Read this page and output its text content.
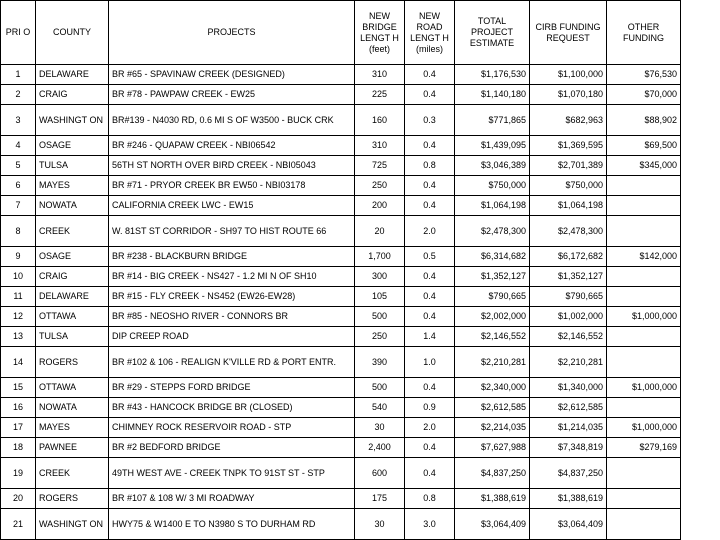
PRI O	COUNTY	PROJECTS	NEW BRIDGE LENGT H (feet)	NEW ROAD LENGT H (miles)	TOTAL PROJECT ESTIMATE	CIRB FUNDING REQUEST	OTHER FUNDING
1	DELAWARE	BR #65 - SPAVINAW CREEK (DESIGNED)	310	0.4	$1,176,530	$1,100,000	$76,530
2	CRAIG	BR #78 - PAWPAW CREEK - EW25	225	0.4	$1,140,180	$1,070,180	$70,000
3	WASHINGT ON	BR#139 - N4030 RD, 0.6 MI S OF W3500 - BUCK CRK	160	0.3	$771,865	$682,963	$88,902
4	OSAGE	BR #246 - QUAPAW CREEK - NBI06542	310	0.4	$1,439,095	$1,369,595	$69,500
5	TULSA	56TH ST NORTH OVER BIRD CREEK - NBI05043	725	0.8	$3,046,389	$2,701,389	$345,000
6	MAYES	BR #71 - PRYOR CREEK BR EW50 - NBI03178	250	0.4	$750,000	$750,000	
7	NOWATA	CALIFORNIA CREEK LWC - EW15	200	0.4	$1,064,198	$1,064,198	
8	CREEK	W. 81ST ST CORRIDOR - SH97 TO HIST ROUTE 66	20	2.0	$2,478,300	$2,478,300	
9	OSAGE	BR #238 - BLACKBURN BRIDGE	1,700	0.5	$6,314,682	$6,172,682	$142,000
10	CRAIG	BR #14 - BIG CREEK - NS427 - 1.2 MI N OF SH10	300	0.4	$1,352,127	$1,352,127	
11	DELAWARE	BR #15 - FLY CREEK - NS452 (EW26-EW28)	105	0.4	$790,665	$790,665	
12	OTTAWA	BR #85 - NEOSHO RIVER - CONNORS BR	500	0.4	$2,002,000	$1,002,000	$1,000,000
13	TULSA	DIP CREEP ROAD	250	1.4	$2,146,552	$2,146,552	
14	ROGERS	BR #102 & 106 - REALIGN K'VILLE RD & PORT ENTR.	390	1.0	$2,210,281	$2,210,281	
15	OTTAWA	BR #29 - STEPPS FORD BRIDGE	500	0.4	$2,340,000	$1,340,000	$1,000,000
16	NOWATA	BR #43 - HANCOCK BRIDGE BR (CLOSED)	540	0.9	$2,612,585	$2,612,585	
17	MAYES	CHIMNEY ROCK RESERVOIR ROAD - STP	30	2.0	$2,214,035	$1,214,035	$1,000,000
18	PAWNEE	BR #2 BEDFORD BRIDGE	2,400	0.4	$7,627,988	$7,348,819	$279,169
19	CREEK	49TH WEST AVE - CREEK TNPK TO 91ST ST - STP	600	0.4	$4,837,250	$4,837,250	
20	ROGERS	BR #107 & 108 W/ 3 MI ROADWAY	175	0.8	$1,388,619	$1,388,619	
21	WASHINGT ON	HWY75 & W1400 E TO N3980 S TO DURHAM RD	30	3.0	$3,064,409	$3,064,409	
